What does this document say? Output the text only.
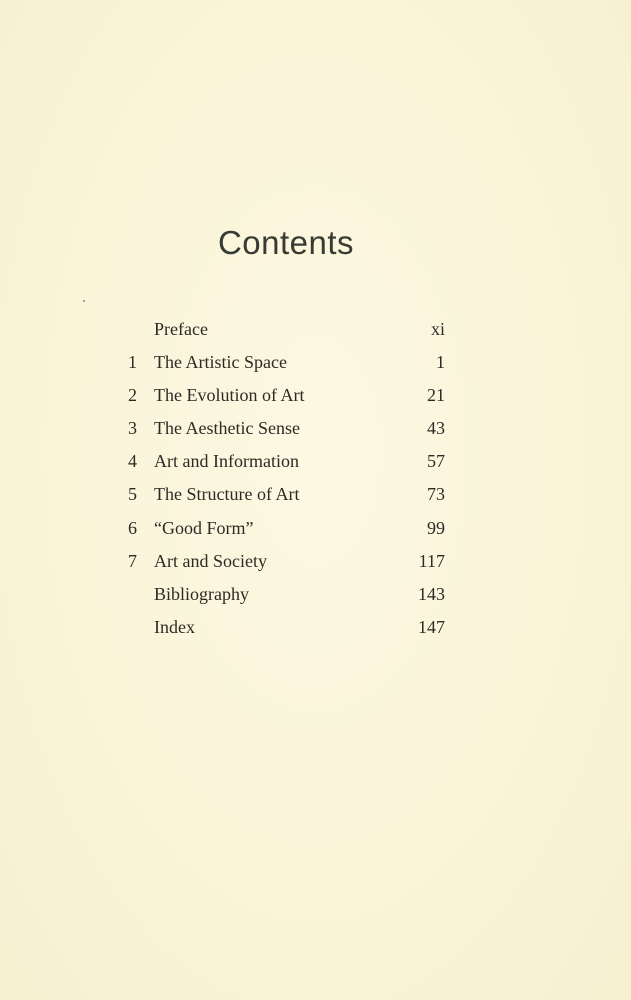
Contents
Preface	xi
1 The Artistic Space	1
2 The Evolution of Art	21
3 The Aesthetic Sense	43
4 Art and Information	57
5 The Structure of Art	73
6 “Good Form”	99
7 Art and Society	117
Bibliography	143
Index	147
